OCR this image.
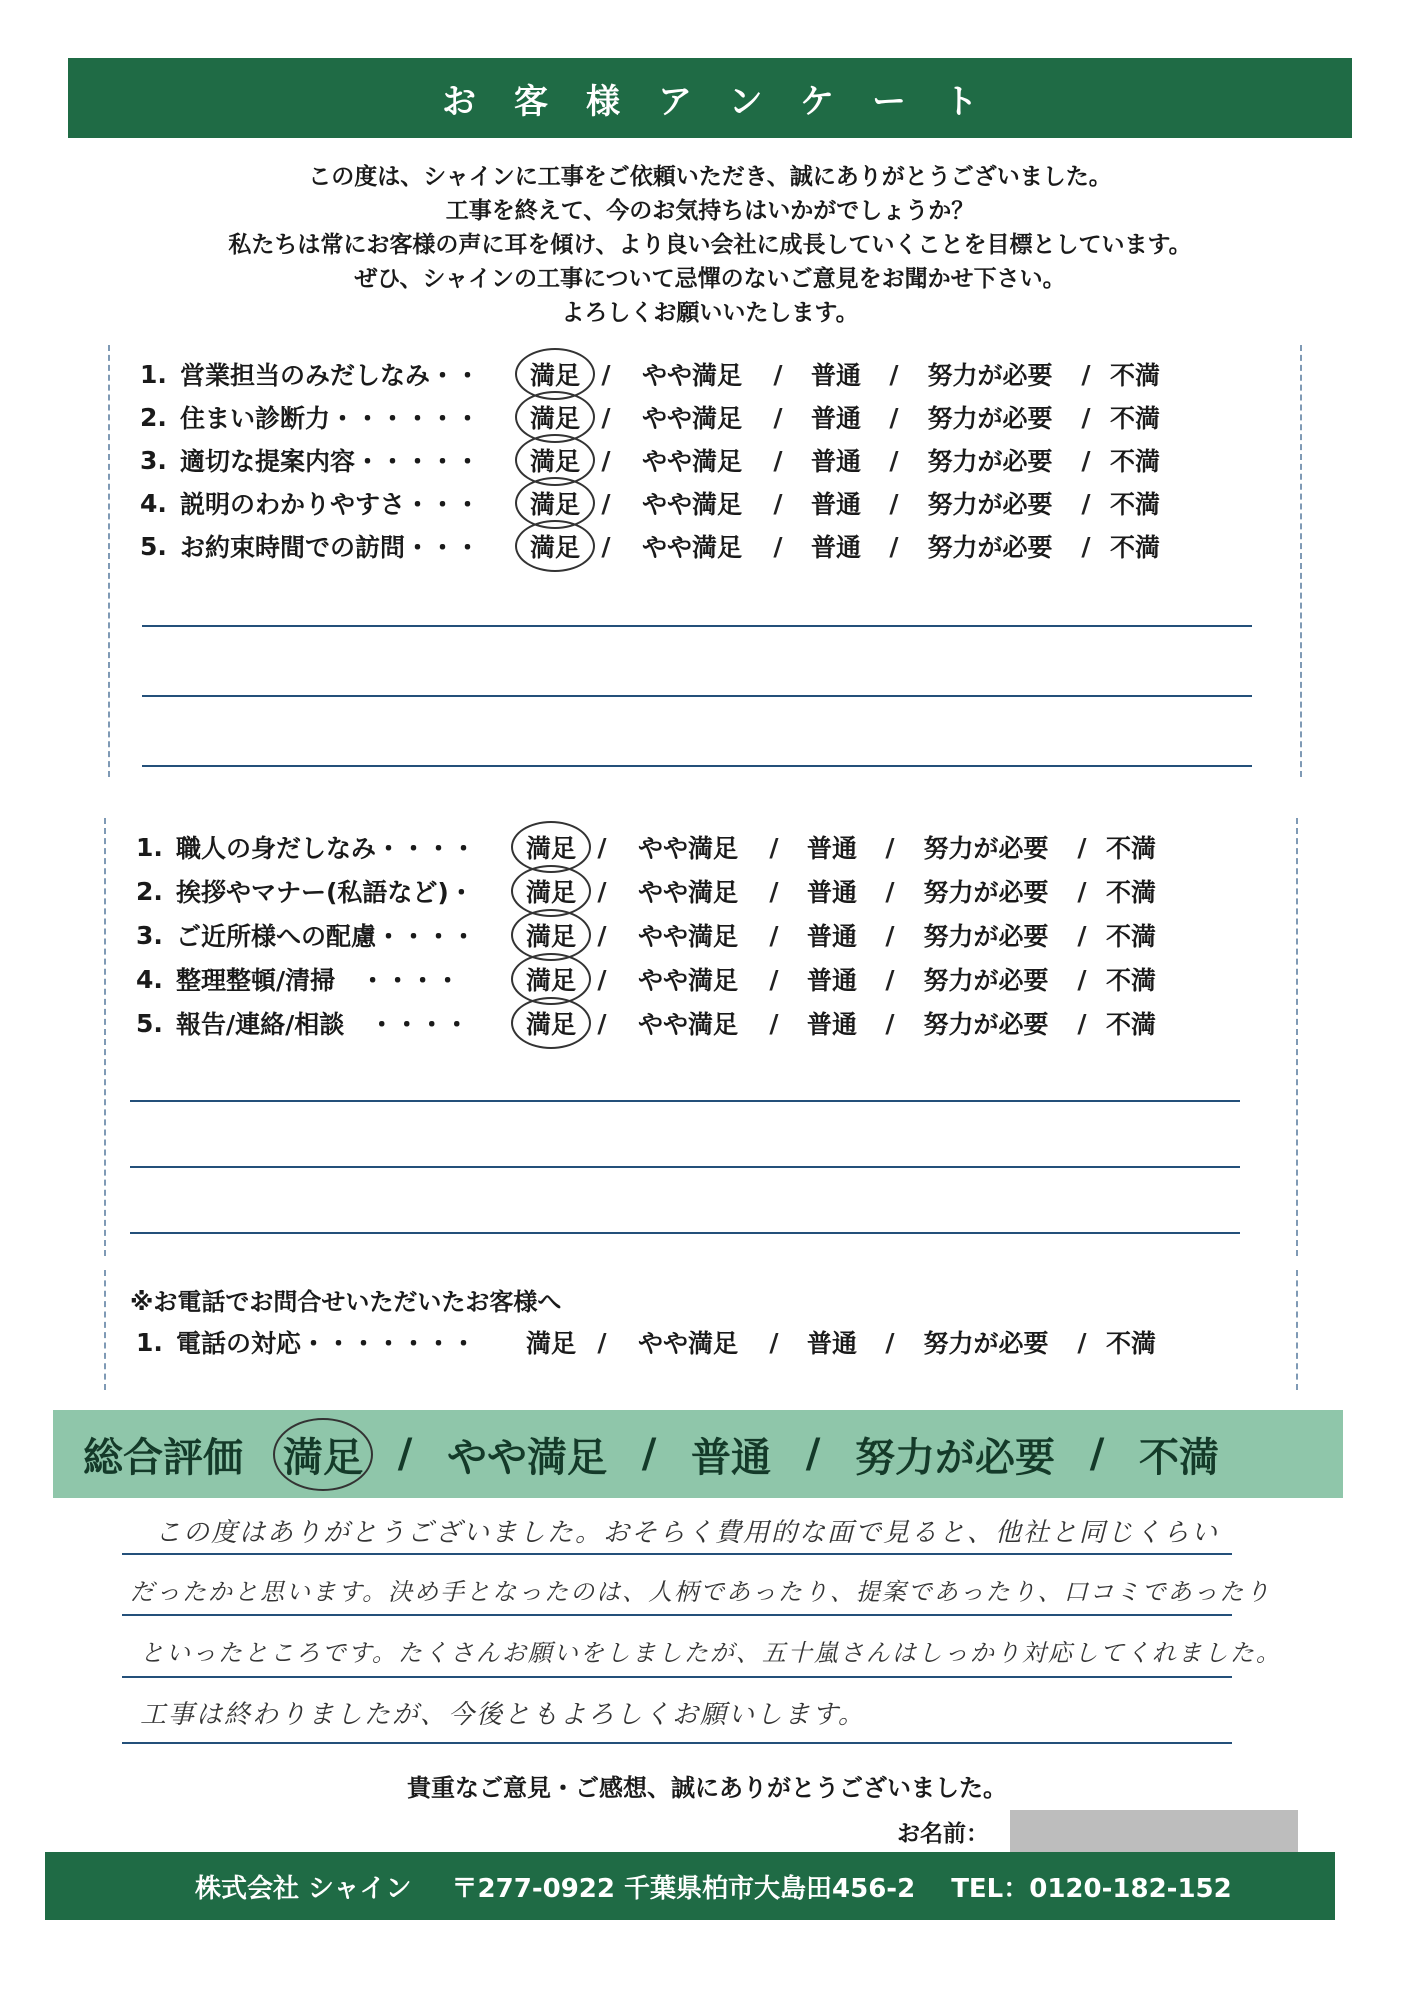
お客様アンケート
この度は、シャインに工事をご依頼いただき、誠にありがとうございました。
工事を終えて、今のお気持ちはいかがでしょうか？
私たちは常にお客様の声に耳を傾け、より良い会社に成長していくことを目標としています。
ぜひ、シャインの工事について忌憚のないご意見をお聞かせ下さい。
よろしくお願いいたします。
1. 営業担当のみだしなみ・・	満足 /	やや満足	/	普通	/	努力が必要	/ 不満
2. 住まい診断力・・・・・・	満足 /	やや満足	/	普通	/	努力が必要	/ 不満
3. 適切な提案内容・・・・・	満足 /	やや満足	/	普通	/	努力が必要	/ 不満
4. 説明のわかりやすさ・・・	満足 /	やや満足	/	普通	/	努力が必要	/ 不満
5. お約束時間での訪問・・・	満足 /	やや満足	/	普通	/	努力が必要	/ 不満
1. 職人の身だしなみ・・・・	満足 /	やや満足	/	普通	/	努力が必要	/ 不満
2. 挨拶やマナー(私語など)・	満足 /	やや満足	/	普通	/	努力が必要	/ 不満
3. ご近所様への配慮・・・・	満足 /	やや満足	/	普通	/	努力が必要	/ 不満
4. 整理整頓/清掃　・・・・	満足 /	やや満足	/	普通	/	努力が必要	/ 不満
5. 報告/連絡/相談　・・・・	満足 /	やや満足	/	普通	/	努力が必要	/ 不満
※お電話でお問合せいただいたお客様へ
1. 電話の対応・・・・・・・	満足 /	やや満足	/	普通	/	努力が必要	/ 不満
総合評価 満足 / やや満足 / 普通 / 努力が必要 / 不満
この度はありがとうございました。おそらく費用的な面で見ると、他社と同じくらい
だったかと思います。決め手となったのは、人柄であったり、提案であったり、口コミであったり
といったところです。たくさんお願いをしましたが、五十嵐さんはしっかり対応してくれました。
工事は終わりましたが、今後ともよろしくお願いします。
貴重なご意見・ご感想、誠にありがとうございました。
お名前：
株式会社 シャイン 〒277-0922 千葉県柏市大島田456-2 TEL：0120-182-152
